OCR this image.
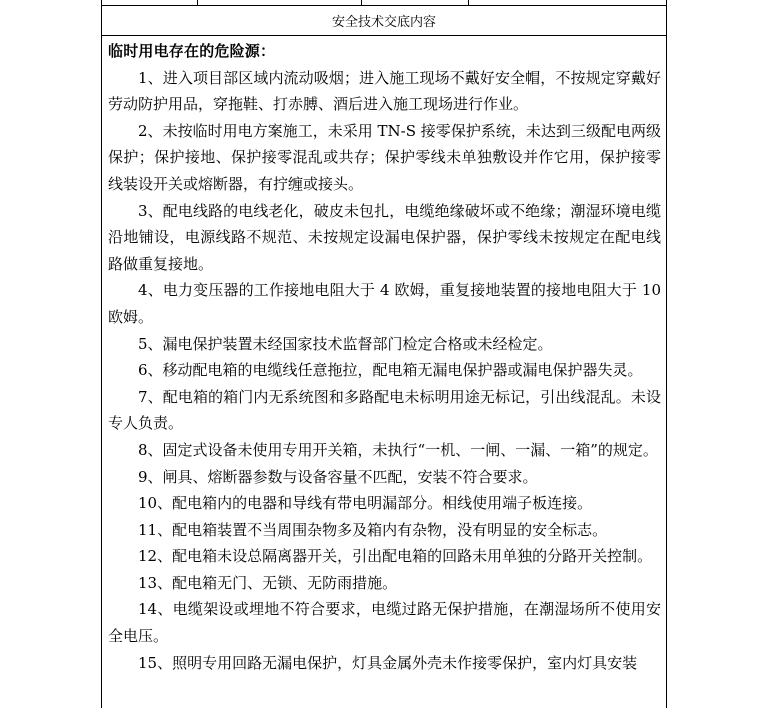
安全技术交底内容

临时用电存在的危险源：

1、进入项目部区域内流动吸烟；进入施工现场不戴好安全帽，不按规定穿戴好劳动防护用品，穿拖鞋、打赤膊、酒后进入施工现场进行作业。

2、未按临时用电方案施工，未采用 TN-S 接零保护系统，未达到三级配电两级保护；保护接地、保护接零混乱或共存；保护零线未单独敷设并作它用，保护接零线装设开关或熔断器，有拧缠或接头。

3、配电线路的电线老化，破皮未包扎，电缆绝缘破坏或不绝缘；潮湿环境电缆沿地铺设，电源线路不规范、未按规定设漏电保护器，保护零线未按规定在配电线路做重复接地。

4、电力变压器的工作接地电阻大于 4 欧姆，重复接地装置的接地电阻大于 10 欧姆。

5、漏电保护装置未经国家技术监督部门检定合格或未经检定。

6、移动配电箱的电缆线任意拖拉，配电箱无漏电保护器或漏电保护器失灵。

7、配电箱的箱门内无系统图和多路配电未标明用途无标记，引出线混乱。未设专人负责。

8、固定式设备未使用专用开关箱，未执行“一机、一闸、一漏、一箱”的规定。

9、闸具、熔断器参数与设备容量不匹配，安装不符合要求。

10、配电箱内的电器和导线有带电明漏部分。相线使用端子板连接。

11、配电箱装置不当周围杂物多及箱内有杂物，没有明显的安全标志。

12、配电箱未设总隔离器开关，引出配电箱的回路未用单独的分路开关控制。

13、配电箱无门、无锁、无防雨措施。

14、电缆架设或埋地不符合要求，电缆过路无保护措施，在潮湿场所不使用安全电压。

15、照明专用回路无漏电保护，灯具金属外壳未作接零保护，室内灯具安装
